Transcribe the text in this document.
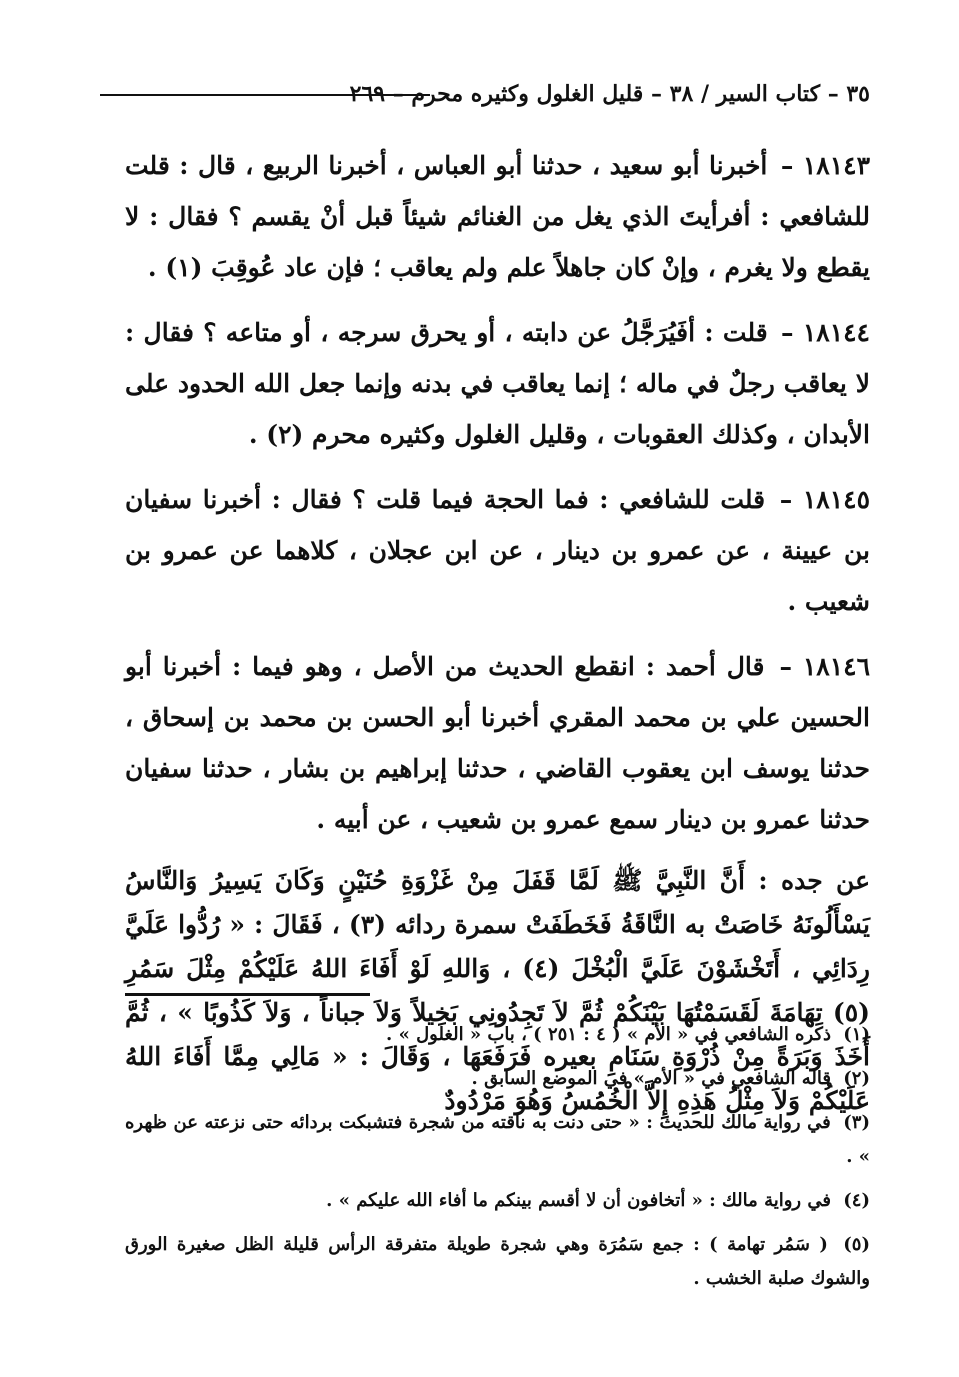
٣٥ – كتاب السير / ٣٨ – قليل الغلول وكثيره محرم – ٢٦٩

١٨١٤٣ – أخبرنا أبو سعيد ، حدثنا أبو العباس ، أخبرنا الربيع ، قال : قلت للشافعي : أفرأيتَ الذي يغل من الغنائم شيئاً قبل أنْ يقسم ؟ فقال : لا يقطع ولا يغرم ، وإنْ كان جاهلاً علم ولم يعاقب ؛ فإن عاد عُوقِبَ (١) .

١٨١٤٤ – قلت : أفَيُرَجَّلُ عن دابته ، أو يحرق سرجه ، أو متاعه ؟ فقال : لا يعاقب رجلٌ في ماله ؛ إنما يعاقب في بدنه وإنما جعل الله الحدود على الأبدان ، وكذلك العقوبات ، وقليل الغلول وكثيره محرم (٢) .

١٨١٤٥ – قلت للشافعي : فما الحجة فيما قلت ؟ فقال : أخبرنا سفيان بن عيينة ، عن عمرو بن دينار ، عن ابن عجلان ، كلاهما عن عمرو بن شعيب .

١٨١٤٦ – قال أحمد : انقطع الحديث من الأصل ، وهو فيما : أخبرنا أبو الحسين علي بن محمد المقري أخبرنا أبو الحسن بن محمد بن إسحاق ، حدثنا يوسف ابن يعقوب القاضي ، حدثنا إبراهيم بن بشار ، حدثنا سفيان حدثنا عمرو بن دينار سمع عمرو بن شعيب ، عن أبيه .

عن جده : أَنَّ النَّبِيَّ ﷺ لَمَّا قَفَلَ مِنْ غَزْوَةِ حُنَيْنٍ وَكَانَ يَسِيرُ وَالنَّاسُ يَسْأَلُونَهُ خَاصَتْ به النَّاقَةُ فَخَطَفَتْ سمرة ردائه (٣) ، فَقَالَ : « رُدُّوا عَلَيَّ رِدَائِي ، أَتَخْشَوْنَ عَلَيَّ الْبُخْلَ (٤) ، وَاللهِ لَوْ أَفَاءَ اللهُ عَلَيْكُمْ مِثْلَ سَمُرِ (٥) تِهَامَةَ لَقَسَمْتُهَا بَيْنَكُمْ ثُمَّ لاَ تَجِدُونِي بَخِيلاً وَلاَ جباناً ، وَلاَ كَذُوبًا » ، ثُمَّ أَخَذَ وَبَرَةً مِنْ ذُرْوَةِ سَنَامِ بعيره فَرَفَعَهَا ، وَقَالَ : « مَالِي مِمَّا أَفَاءَ اللهُ عَلَيْكُمْ وَلاَ مِثْلُ هَذِهِ إِلاَّ الْخُمُسُ وَهُوَ مَرْدُودٌ

(١) ذكره الشافعي في « الأم » ( ٤ : ٢٥١ ) ، باب « الغلول » .

(٢) قاله الشافعي في « الأم » في الموضع السابق .

(٣) في رواية مالك للحديث : « حتى دنت به ناقته من شجرة فتشبكت بردائه حتى نزعته عن ظهره » .

(٤) في رواية مالك : « أتخافون أن لا أقسم بينكم ما أفاء الله عليكم » .

(٥) ( سَمُر تهامة ) : جمع سَمُرَة وهي شجرة طويلة متفرقة الرأس قليلة الظل صغيرة الورق والشوك صلبة الخشب .
